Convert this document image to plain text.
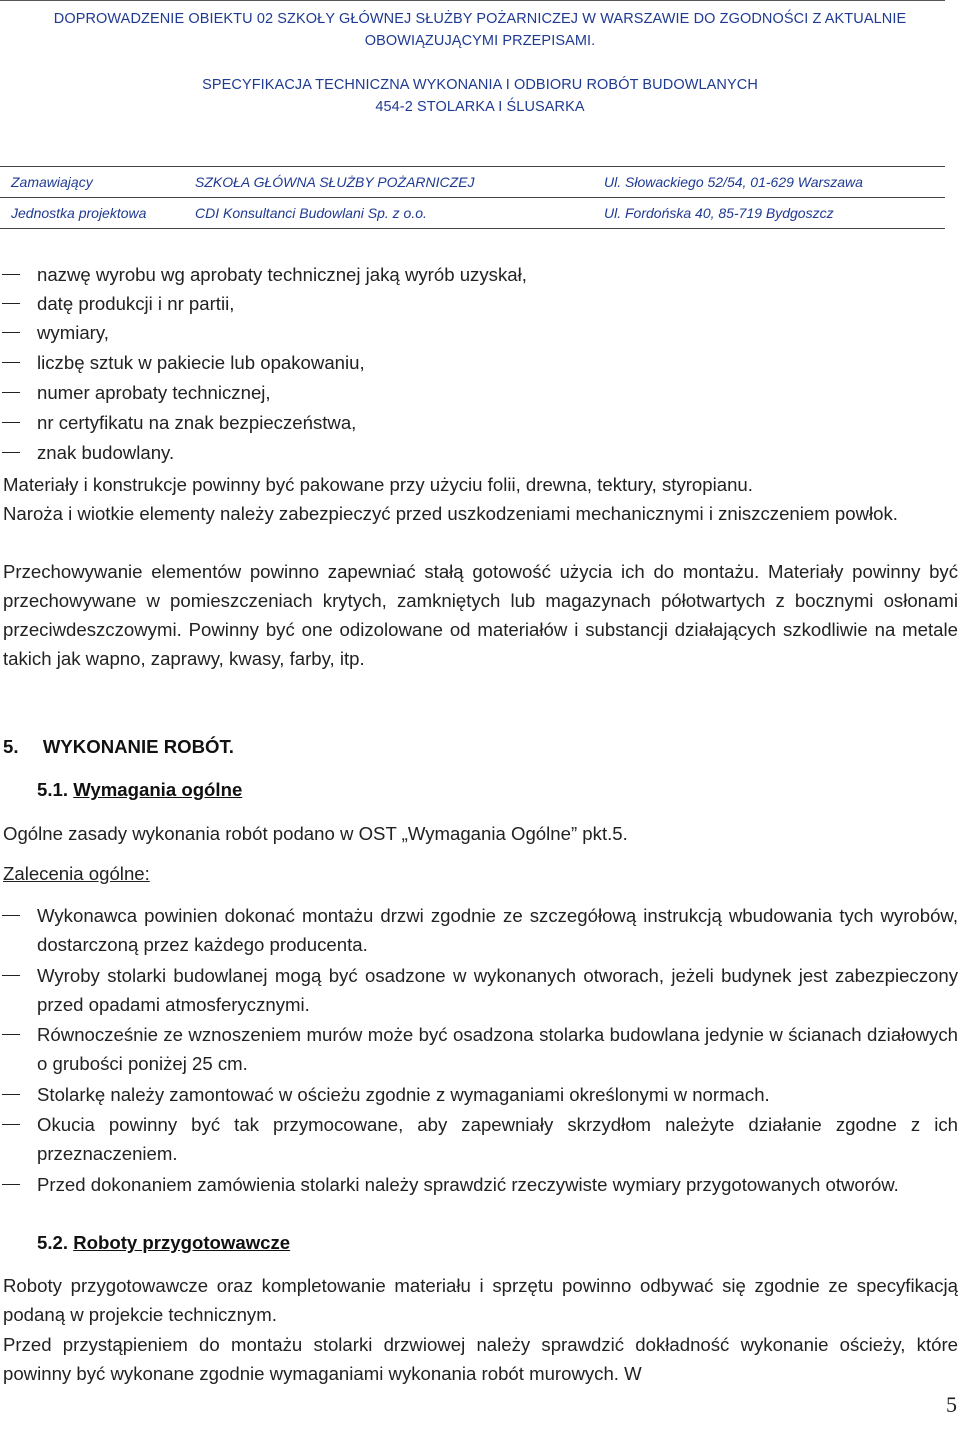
DOPROWADZENIE OBIEKTU 02 SZKOŁY GŁÓWNEJ SŁUŻBY POŻARNICZEJ W WARSZAWIE DO ZGODNOŚCI Z AKTUALNIE
OBOWIĄZUJĄCYMI PRZEPISAMI.
SPECYFIKACJA TECHNICZNA WYKONANIA I ODBIORU ROBÓT BUDOWLANYCH
454-2 STOLARKA I ŚLUSARKA
Zamawiający	SZKOŁA GŁÓWNA SŁUŻBY POŻARNICZEJ	Ul. Słowackiego 52/54, 01-629 Warszawa
Jednostka projektowa	CDI Konsultanci Budowlani Sp. z o.o.	Ul. Fordońska 40, 85-719 Bydgoszcz
nazwę wyrobu wg aprobaty technicznej jaką wyrób uzyskał,
datę produkcji i nr partii,
wymiary,
liczbę sztuk w pakiecie lub opakowaniu,
numer aprobaty technicznej,
nr certyfikatu na znak bezpieczeństwa,
znak budowlany.
Materiały i konstrukcje powinny być pakowane przy użyciu folii, drewna, tektury, styropianu.
Naroża i wiotkie elementy należy zabezpieczyć przed uszkodzeniami mechanicznymi i zniszczeniem powłok.
Przechowywanie elementów powinno zapewniać stałą gotowość użycia ich do montażu. Materiały powinny być przechowywane w pomieszczeniach krytych, zamkniętych lub magazynach półotwartych z bocznymi osłonami przeciwdeszczowymi. Powinny być one odizolowane od materiałów i substancji działających szkodliwie na metale takich jak wapno, zaprawy, kwasy, farby, itp.
5. WYKONANIE ROBÓT.
5.1. Wymagania ogólne
Ogólne zasady wykonania robót podano w OST „Wymagania Ogólne” pkt.5.
Zalecenia ogólne:
Wykonawca powinien dokonać montażu drzwi zgodnie ze szczegółową instrukcją wbudowania tych wyrobów, dostarczoną przez każdego producenta.
Wyroby stolarki budowlanej mogą być osadzone w wykonanych otworach, jeżeli budynek jest zabezpieczony przed opadami atmosferycznymi.
Równocześnie ze wznoszeniem murów może być osadzona stolarka budowlana jedynie w ścianach działowych o grubości poniżej 25 cm.
Stolarkę należy zamontować w ościeżu zgodnie z wymaganiami określonymi w normach.
Okucia powinny być tak przymocowane, aby zapewniały skrzydłom należyte działanie zgodne z ich przeznaczeniem.
Przed dokonaniem zamówienia stolarki należy sprawdzić rzeczywiste wymiary przygotowanych otworów.
5.2. Roboty przygotowawcze
Roboty przygotowawcze oraz kompletowanie materiału i sprzętu powinno odbywać się zgodnie ze specyfikacją podaną w projekcie technicznym.
Przed przystąpieniem do montażu stolarki drzwiowej należy sprawdzić dokładność wykonanie ościeży, które powinny być wykonane zgodnie wymaganiami wykonania robót murowych. W
5
